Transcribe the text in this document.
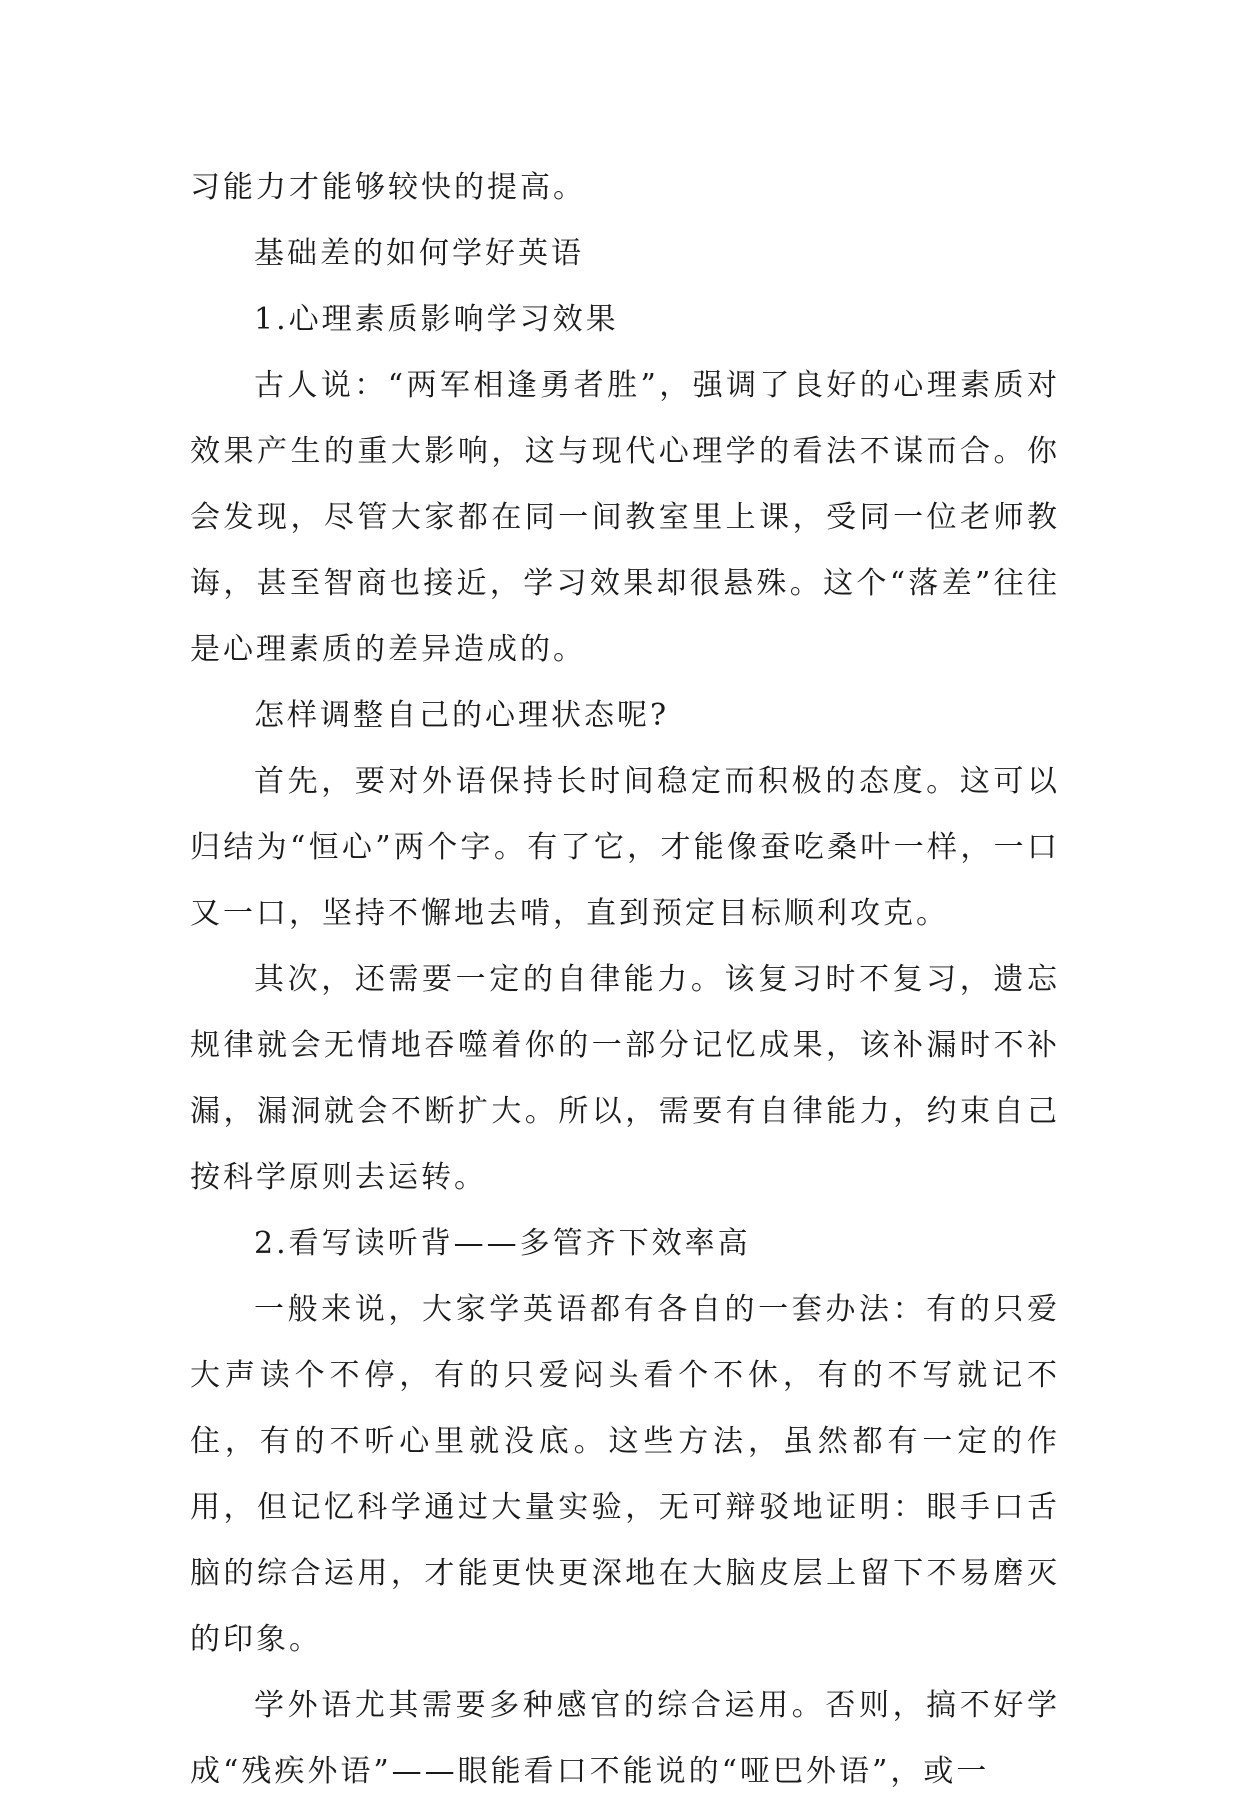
习能力才能够较快的提高。

基础差的如何学好英语

1.心理素质影响学习效果

古人说：“两军相逢勇者胜”，强调了良好的心理素质对效果产生的重大影响，这与现代心理学的看法不谋而合。你会发现，尽管大家都在同一间教室里上课，受同一位老师教诲，甚至智商也接近，学习效果却很悬殊。这个“落差”往往是心理素质的差异造成的。

怎样调整自己的心理状态呢?

首先，要对外语保持长时间稳定而积极的态度。这可以归结为“恒心”两个字。有了它，才能像蚕吃桑叶一样，一口又一口，坚持不懈地去啃，直到预定目标顺利攻克。

其次，还需要一定的自律能力。该复习时不复习，遗忘规律就会无情地吞噬着你的一部分记忆成果，该补漏时不补漏，漏洞就会不断扩大。所以，需要有自律能力，约束自己按科学原则去运转。

2.看写读听背——多管齐下效率高

一般来说，大家学英语都有各自的一套办法：有的只爱大声读个不停，有的只爱闷头看个不休，有的不写就记不住，有的不听心里就没底。这些方法，虽然都有一定的作用，但记忆科学通过大量实验，无可辩驳地证明：眼手口舌脑的综合运用，才能更快更深地在大脑皮层上留下不易磨灭的印象。

学外语尤其需要多种感官的综合运用。否则，搞不好学成“残疾外语”——眼能看口不能说的“哑巴外语”，或一
